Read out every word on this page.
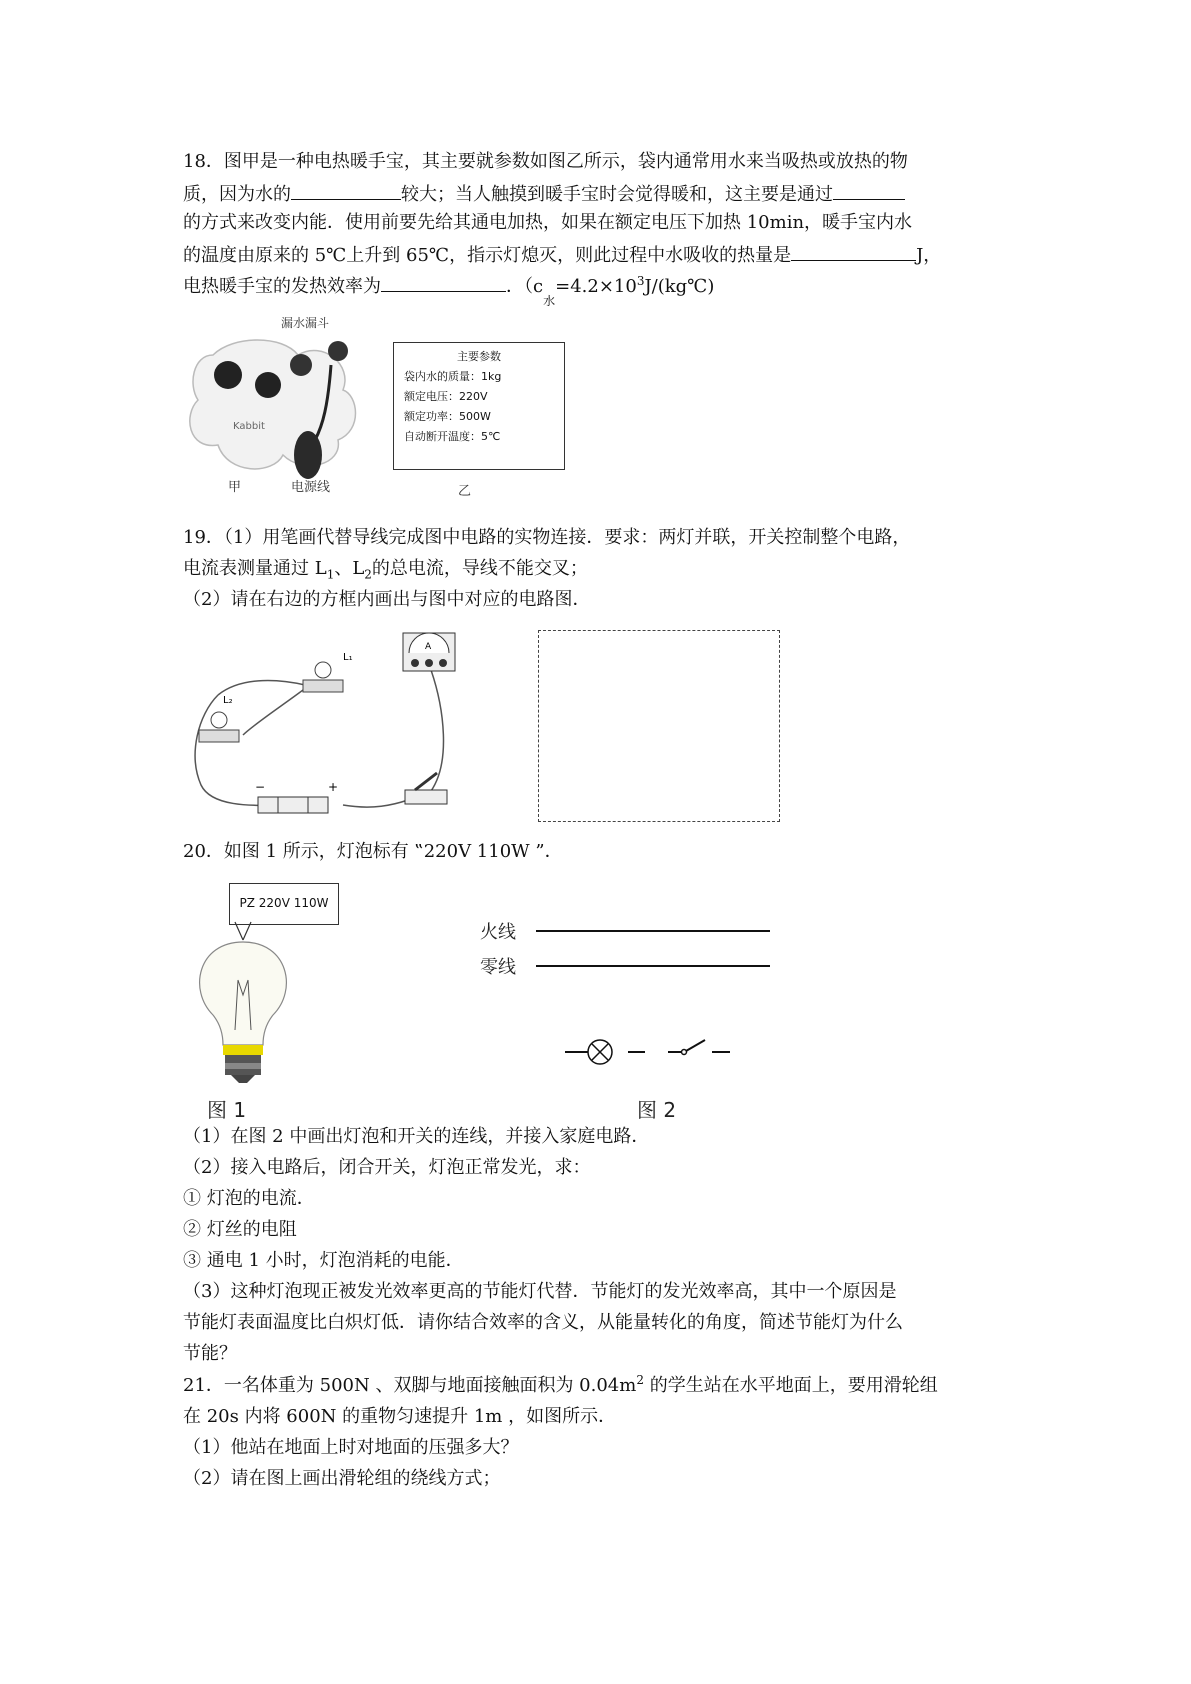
18．图甲是一种电热暖手宝，其主要就参数如图乙所示，袋内通常用水来当吸热或放热的物
质，因为水的	较大；当人触摸到暖手宝时会觉得暖和，这主要是通过
的方式来改变内能．使用前要先给其通电加热，如果在额定电压下加热 10min，暖手宝内水
的温度由原来的 5℃上升到 65℃，指示灯熄灭，则此过程中水吸收的热量是	J，
电热暖手宝的发热效率为	．（$c_水=4.2\times 10^3J/(kg℃)$
Kabbit
漏水漏斗
甲	电源线
主要参数
袋内水的质量：1kg
额定电压：220V
额定功率：500W
自动断开温度：5℃
乙
19．（1）用笔画代替导线完成图中电路的实物连接．要求：两灯并联，开关控制整个电路，
电流表测量通过 $L_1$、$L_2$的总电流，导线不能交叉；
（2）请在右边的方框内画出与图中对应的电路图．
L₁
L₂
A
−	+
20．如图 1 所示，灯泡标有 ‟220V 110W ”．
PZ 220V 110W
火线
零线
图 1	图 2
（1）在图 2 中画出灯泡和开关的连线，并接入家庭电路．
（2）接入电路后，闭合开关，灯泡正常发光，求：
① 灯泡的电流．
② 灯丝的电阻
③ 通电 1 小时，灯泡消耗的电能．
（3）这种灯泡现正被发光效率更高的节能灯代替．节能灯的发光效率高，其中一个原因是
节能灯表面温度比白炽灯低．请你结合效率的含义，从能量转化的角度，简述节能灯为什么
节能？
21．一名体重为 500N 、双脚与地面接触面积为 $0.04m^2$ 的学生站在水平地面上，要用滑轮组
在 20s 内将 600N 的重物匀速提升 1m ，如图所示．
（1）他站在地面上时对地面的压强多大？
（2）请在图上画出滑轮组的绕线方式；
